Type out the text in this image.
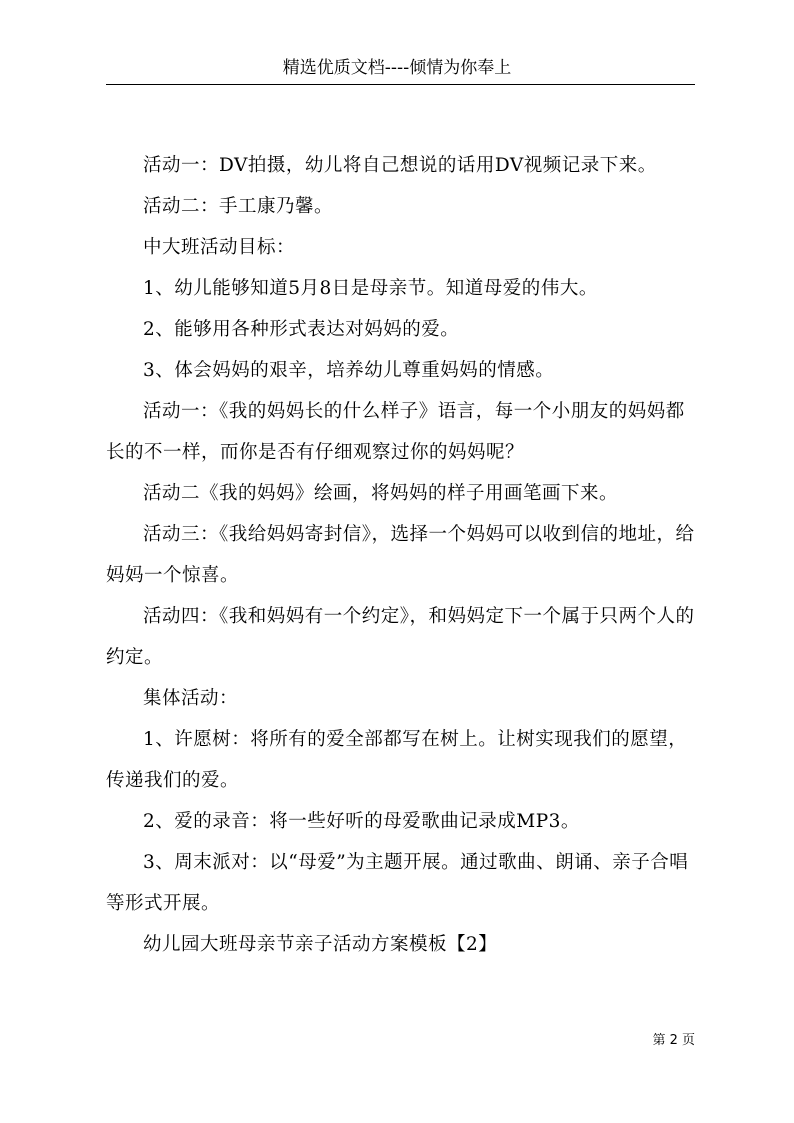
精选优质文档----倾情为你奉上

活动一：DV拍摄，幼儿将自己想说的话用DV视频记录下来。

活动二：手工康乃馨。

中大班活动目标：

1、幼儿能够知道5月8日是母亲节。知道母爱的伟大。

2、能够用各种形式表达对妈妈的爱。

3、体会妈妈的艰辛，培养幼儿尊重妈妈的情感。

活动一：《我的妈妈长的什么样子》语言，每一个小朋友的妈妈都长的不一样，而你是否有仔细观察过你的妈妈呢？

活动二《我的妈妈》绘画，将妈妈的样子用画笔画下来。

活动三：《我给妈妈寄封信》，选择一个妈妈可以收到信的地址，给妈妈一个惊喜。

活动四：《我和妈妈有一个约定》，和妈妈定下一个属于只两个人的约定。

集体活动：

1、许愿树：将所有的爱全部都写在树上。让树实现我们的愿望，传递我们的爱。

2、爱的录音：将一些好听的母爱歌曲记录成MP3。

3、周末派对：以“母爱”为主题开展。通过歌曲、朗诵、亲子合唱等形式开展。

幼儿园大班母亲节亲子活动方案模板【2】

第 2 页
